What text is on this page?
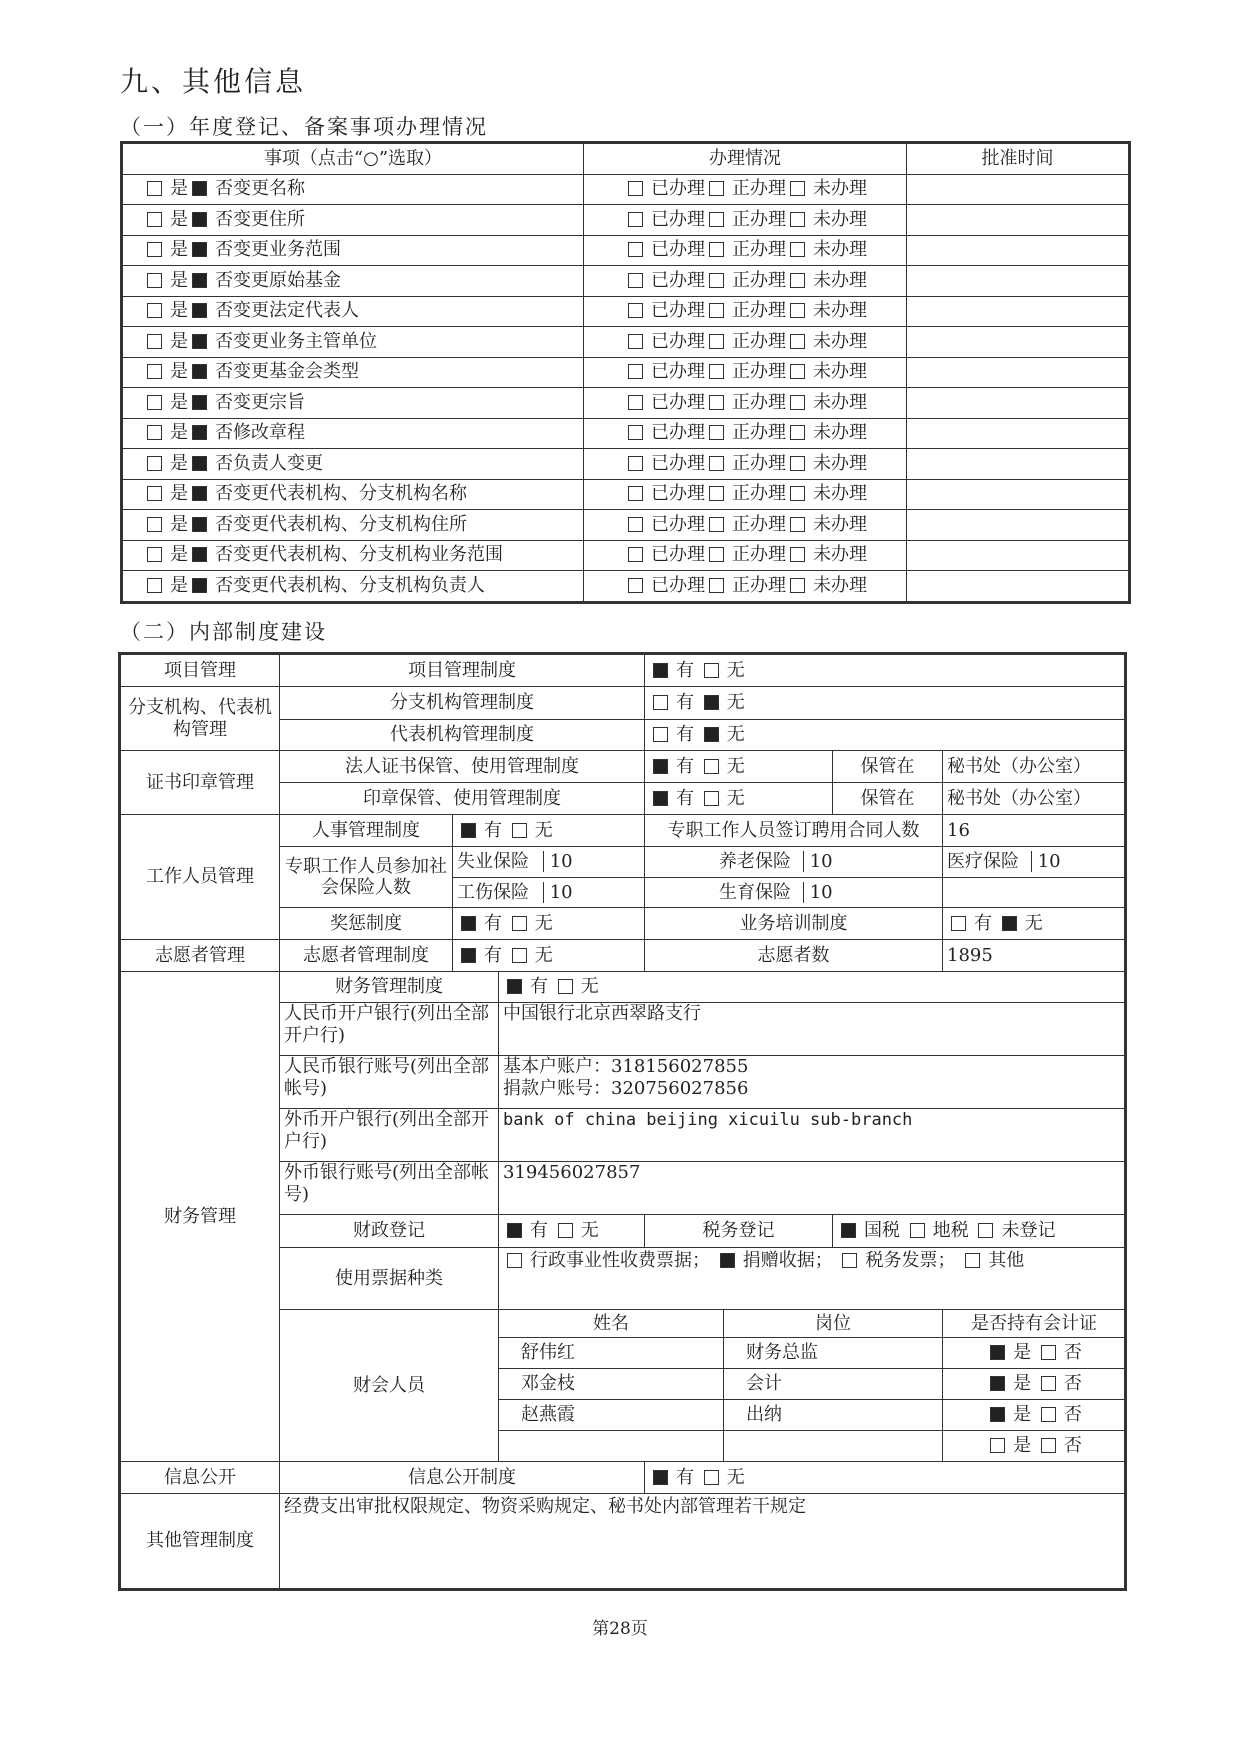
九、其他信息
（一）年度登记、备案事项办理情况
事项（点击“○”选取）	办理情况	批准时间
是 否变更名称	已办理 正办理 未办理	
是 否变更住所	已办理 正办理 未办理	
是 否变更业务范围	已办理 正办理 未办理	
是 否变更原始基金	已办理 正办理 未办理	
是 否变更法定代表人	已办理 正办理 未办理	
是 否变更业务主管单位	已办理 正办理 未办理	
是 否变更基金会类型	已办理 正办理 未办理	
是 否变更宗旨	已办理 正办理 未办理	
是 否修改章程	已办理 正办理 未办理	
是 否负责人变更	已办理 正办理 未办理	
是 否变更代表机构、分支机构名称	已办理 正办理 未办理	
是 否变更代表机构、分支机构住所	已办理 正办理 未办理	
是 否变更代表机构、分支机构业务范围	已办理 正办理 未办理	
是 否变更代表机构、分支机构负责人	已办理 正办理 未办理	
（二）内部制度建设
项目管理	项目管理制度			有 无				
分支机构、代表机构管理	分支机构管理制度			有 无				
	代表机构管理制度			有 无				
证书印章管理	法人证书保管、使用管理制度			有 无		保管在	秘书处（办公室）	
	印章保管、使用管理制度			有 无		保管在	秘书处（办公室）	
工作人员管理	人事管理制度	有 无		专职工作人员签订聘用合同人数			16	
	专职工作人员参加社会保险人数	失业保险 10		养老保险 10			医疗保险 10	
		工伤保险 10		生育保险 10				
	奖惩制度	有 无		业务培训制度			有 无	
志愿者管理	志愿者管理制度	有 无		志愿者数			1895	
财务管理	财务管理制度		有 无					
	人民币开户银行(列出全部开户行)		中国银行北京西翠路支行					
	人民币银行账号(列出全部帐号)		基本户账户：318156027855
捐款户账号：320756027856					

	外币开户银行(列出全部开户行)		bank of china beijing xicuilu sub-branch					
	外币银行账号(列出全部帐号)		319456027857					
	财政登记		有 无	税务登记		国税 地税 未登记		
	使用票据种类		行政事业性收费票据； 捐赠收据； 税务发票； 其他					
	财会人员		姓名		岗位		是否持有会计证	
			舒伟红		财务总监		是 否	
			邓金枝		会计		是 否	
			赵燕霞		出纳		是 否	
							是 否	
信息公开	信息公开制度			有 无				
其他管理制度	经费支出审批权限规定、物资采购规定、秘书处内部管理若干规定							
第28页
